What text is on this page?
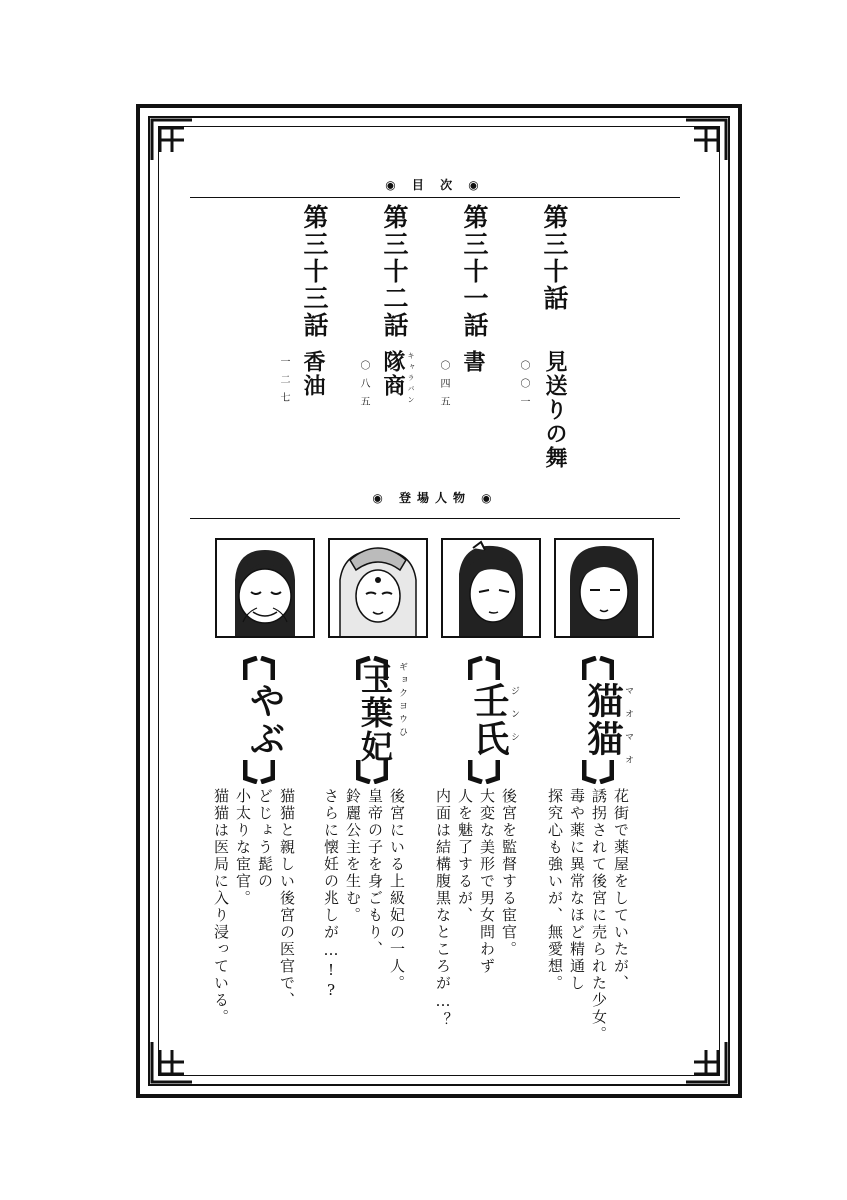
◉ 目 次 ◉
第三十話
第三十一話
第三十二話
第三十三話
見送りの舞
〇〇一
書
〇四五
隊商 キャラバン
〇八五
香油
一二七
◉ 登場人物 ◉
猫猫 マオマオ
壬氏 ジンシ
玉葉妃 ギョクヨウひ
やぶ
花街で薬屋をしていたが、
誘拐されて後宮に売られた少女。
毒や薬に異常なほど精通し
探究心も強いが、無愛想。
後宮を監督する宦官。
大変な美形で男女問わず
人を魅了するが、
内面は結構腹黒なところが…？
後宮にいる上級妃の一人。
皇帝の子を身ごもり、
鈴麗公主を生む。
さらに懐妊の兆しが…!?
猫猫と親しい後宮の医官で、
どじょう髭の
小太りな宦官。
猫猫は医局に入り浸っている。
